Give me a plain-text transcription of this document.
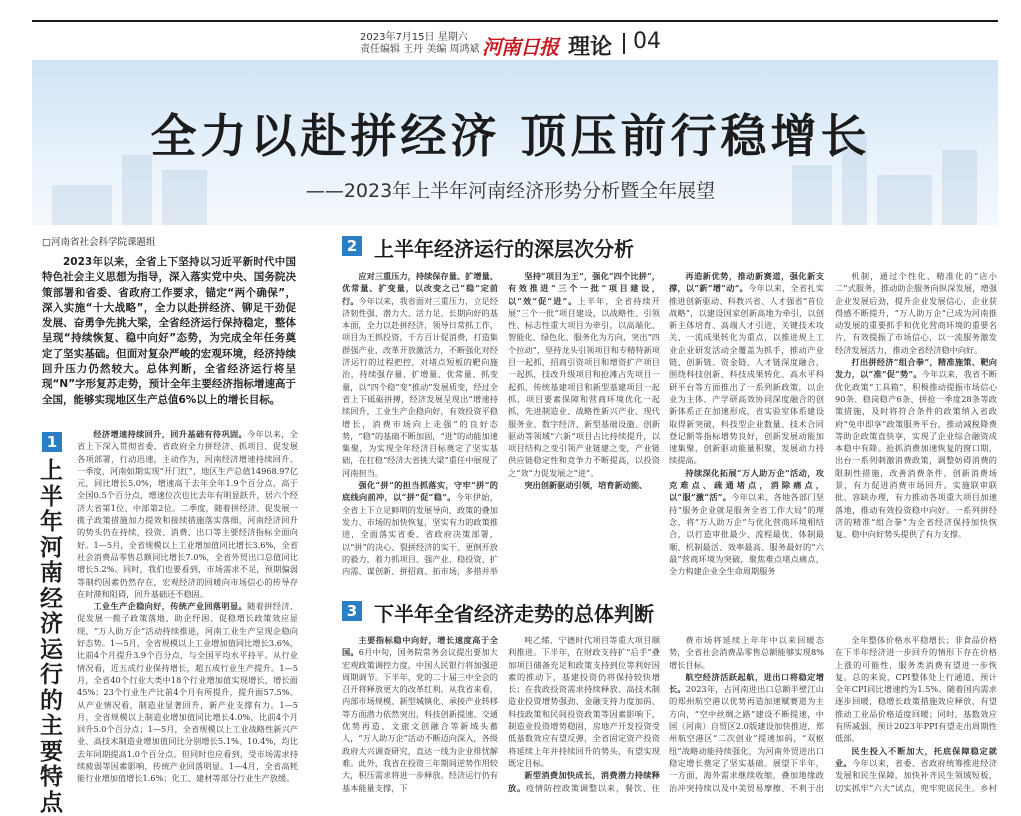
2023年7月15日 星期六
责任编辑 王丹 美编 周鸿斌 河南日报 理论 04
全力以赴拼经济 顶压前行稳增长
——2023年上半年河南经济形势分析暨全年展望
□河南省社会科学院课题组
2023年以来，全省上下坚持以习近平新时代中国特色社会主义思想为指导，深入落实党中央、国务院决策部署和省委、省政府工作要求，锚定“两个确保”，深入实施“十大战略”，全力以赴拼经济、铆足干劲促发展、奋勇争先挑大梁，全省经济运行保持稳定，整体呈现“持续恢复、稳中向好”态势，为完成全年任务奠定了坚实基础。但面对复杂严峻的宏观环境，经济持续回升压力仍然较大。总体判断，全省经济运行将呈现“N”字形复苏走势，预计全年主要经济指标增速高于全国，能够实现地区生产总值6%以上的增长目标。
1
上半年河南经济运行的主要特点
经济增速持续回升，回升基础有待巩固。今年以来，全省上下深入贯彻省委、省政府全力拼经济、抓项目、促发展各项部署，行动迅速，主动作为，河南经济增速持续回升。一季度，河南如期实现“开门红”，地区生产总值14968.97亿元，同比增长5.0%，增速高于去年全年1.9个百分点，高于全国0.5个百分点，增速位次也比去年有明显跃升，居六个经济大省第1位、中部第2位。二季度，随着拼经济、促发展一揽子政策措施加力提效和接续措施落实落细，河南经济回升的势头仍在持续，投资、消费、出口等主要经济指标全面向好。1—5月，全省规模以上工业增加值同比增长3.6%，全省社会消费品零售总额同比增长7.0%，全省外贸出口总值同比增长5.2%。同时，我们也要看到，市场需求不足，预期偏弱等制约因素仍然存在，宏观经济的回暖向市场信心的传导存在时滞和阻碍，回升基础还不稳固。
工业生产企稳向好，传统产业回落明显。随着拼经济、促发展一揽子政策落地，助企纾困、促稳增长政策效应显现，“万人助万企”活动持续推进，河南工业生产呈现企稳向好态势。1—5月，全省规模以上工业增加值同比增长3.6%，比前4个月提升3.9个百分点，与全国平均水平持平。从行业情况看，近五成行业保持增长，超五成行业生产提升。1—5月，全省40个行业大类中18个行业增加值实现增长，增长面45%；23个行业生产比前4个月有所提升，提升面57.5%。从产业情况看，制造业显著回升，新产业支撑有力。1—5月，全省规模以上制造业增加值同比增长4.0%，比前4个月回升5.0个百分点；1—5月，全省规模以上工业战略性新兴产业、高技术制造业增加值同比分别增长5.1%、10.4%，均比去年同期提高1.0个百分点。但同时也应看到，受市场需求持续疲弱等因素影响，传统产业回落明显。1—4月，全省高耗能行业增加值增长1.6%；化工、建材等部分行业生产放缓。
2 上半年经济运行的深层次分析
应对三重压力，持续保存量、扩增量、优常量、扩变量，以改变之己“稳”定前行。今年以来，我省面对三重压力，立足经济韧性强、潜力大、活力足、长期向好的基本面，全力以赴拼经济，领导日常抓工作，项目为王抓投资，千方百计促消费，打造集群强产业，改革开放激活力，不断强化对经济运行的过程把控，对堵点短板的靶向施治，持续强存量、扩增量、优常量、抓变量，以“四个稳”变“推动”发展质变，经过全省上下砥砺拼搏，经济发展呈现出“增速持续回升，工业生产企稳向好，有效投资平稳增长，消费市场向上走强”的良好态势，“稳”的基础不断加固，“进”的动能加速集聚，为实现全年经济目标奠定了坚实基础，在扛稳“经济大省挑大梁”重任中展现了河南担当。
强化“拼”的担当抓落实，守牢“拼”的底线向前冲，以“拼”促“稳”。今年伊始，全省上下立足鲜明的发展导向、政策的叠加发力、市场的加快恢复，坚实有力的政策推进，全面落实省委、省政府决策部署，以“拼”的决心、裂拼经济的实干、更倒开放的毅力，着力抓项目、强产业、稳投资、扩内需、谋创新、拼招商、拓市场，多措并举
坚持“项目为王”，强化“四个比拼”，有效推进“三个一批”项目建设，以“效”促“进”。上半年，全省持续开展“三个一批”项目建设，以战略性、引领性、标志性重大项目为牵引，以高端化、智能化、绿色化、服务化为方向，突出“四个拉动”，坚持龙头引领项目和专精特新项目一起抓，招商引资项目和增资扩产项目一起抓，技改升级项目和抢滩占先项目一起抓，传统基建项目和新型基建项目一起抓，项目要素保障和营商环境优化一起抓，先进制造业、战略性新兴产业、现代服务业、数字经济、新型基础设施、创新驱动等领域“六新”项目占比持续提升，以项目结构之变引领产业链建之变，产业链供应链稳定性和竞争力不断提高，以投资之“效”力促发展之“进”。
突出创新驱动引领，培育新动能、
再造新优势，推动新赛道，强化新支撑，以“新”增“动”。今年以来，全省扎实推进创新驱动、科教兴省、人才强省“首位战略”，以建设国家创新高地为牵引，以创新主体培育、高端人才引进、关键技术攻关、一流成果转化为重点，以推进规上工业企业研发活动全覆盖为抓手，推动产业链、创新链、资金链、人才链深度融合，围绕科技创新、科技成果转化、高水平科研平台等方面推出了一系列新政策，以企业为主体、产学研高效协同深度融合的创新体系正在加速形成，省实验室体系建设取得新突破，科技型企业数量、技术合同登记额等指标增势良好，创新发展动能加速集聚，创新驱动能量积聚，发展动力持续提高。
持续深化拓展“万人助万企”活动，攻克难点、疏通堵点，消除痛点，以“服”激“活”。今年以来，各地各部门坚持“服务企业就是服务全省工作大局”的理念，将“万人助万企”与优化营商环境相结合，以打造审批最少、流程最优、体制最顺、机制最活、效率最高、服务最好的“六最”营商环境为突破，聚焦难点堵点痛点，全力构建企业全生命周期服务
机制，通过个性化、精准化的“店小二”式服务，推动助企服务向纵深发展，增强企业发展后劲，提升企业发展信心，企业获得感不断提升，“万人助万企”已成为河南推动发展的重要抓手和优化营商环境的重要名片，有效提振了市场信心，以一流服务激发经济发展活力，推动全省经济稳中向好。
打出拼经济“组合拳”，精准施策、靶向发力，以“准”促“势”。今年以来，我省不断优化政策“工具箱”，积极推动提振市场信心90条、稳岗稳产6条、拼抢一季度28条等政策措施，及时将符合条件的政策纳入省政府“免申即享”政策服务平台，推动减税降费等助企政策直快享，实现了企业综合融资成本稳中有降。抢抓消费加速恢复的窗口期，出台一系列刺激消费政策，调整妨碍消费的限制性措施，改善消费条件，创新消费场景，有力促进消费市场回升。实施联审联批、容缺办理，有力推动各项重大项目加速落地，推动有效投资稳中向好。一系列拼经济的精准“组合拳”为全省经济保持加快恢复、稳中向好势头提供了有力支撑。
3 下半年全省经济走势的总体判断
主要指标稳中向好，增长速度高于全国。6月中旬，国务院常务会议提出要加大宏观政策调控力度，中国人民银行将加强逆周期调节。下半年，党的二十届三中全会的召开将释放更大的改革红利。从我省来看，内部市场规模、新型城镇化、承接产业转移等方面潜力依然突出，科技创新提速、交通优势再造、文旅文创融合等新域头蓄人，“万人助万企”活动不断迈向深入，各级政府大兴调查研究，直达一线为企业排忧解难。此外，我省在投资三年期间逆势作用较大，积压需求将进一步释放。经济运行仍有基本能量支撑，下
吨乙烯、宁德时代项目等重大项目顺利推进。下半年，在财政支持扩“后手”叠加项目储备充足和政策支持到位等利好因素的推动下，基建投资仍将保持较快增长；在我政投资需求持续释放、高技术制造业投资增势强劲、金融支持力度加码、科技政策和民间投资政策等因素影响下，制造业投资增势稳固，房地产开发投资受低基数效应有望反弹，全省固定资产投资将延续上年并持续回升的势头，有望实现既定目标。
新型消费加快成长，消费潜力持续释放。疫情防控政策调整以来，餐饮、住
费市场将延续上年年中以来回暖态势，全省社会消费品零售总额能够实现8%增长目标。
航空经济活跃起航，进出口将稳定增长。2023年，占河南进出口总额半壁江山的郑州航空港以优势再造加速赋赛道为主方向，“空中丝绸之路”建设不断提速，中国（河南）自贸区2.0版建设加快推进，郑州航空港区“二次创业”提速加码，“双枢纽”战略动能持续强化，为河南外贸进出口稳定增长奠定了坚实基础。展望下半年，一方面，海外需求继续收缩，叠加地缘政治冲突持续以及中美贸易摩擦、不利于出
全年整体价格水平稳增长；非食品价格在下半年经济进一步回升的情形下存在价格上涨的可能性，服务类消费有望进一步恢复。总的来说，CPI整体处上行通道，预计全年CPI同比增速约为1.5%。随着国内需求逐步回暖，稳增长政策措施效应释放，有望推动工业品价格适度回暖；同时，基数效应有所减弱，预计2023年PPI有望走出周期性低部。
民生投入不断加大，托底保障稳定就业。今年以来，省委、省政府统筹推进经济发展和民生保障，加快补齐民生领域短板，切实抓牢“六大”试点，兜牢兜底民生。乡村
